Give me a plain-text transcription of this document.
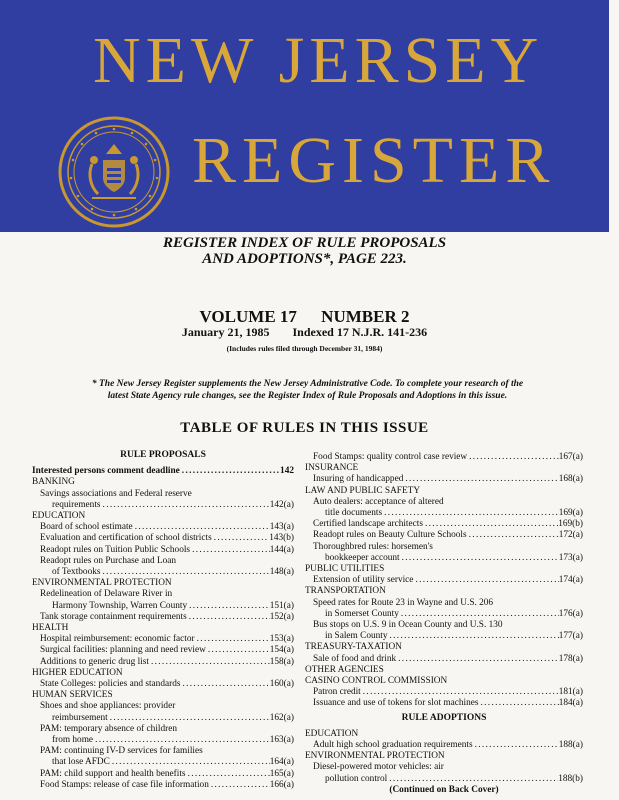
NEW JERSEY
REGISTER
REGISTER INDEX OF RULE PROPOSALS
AND ADOPTIONS*, PAGE 223.
VOLUME 17 NUMBER 2
January 21, 1985 Indexed 17 N.J.R. 141-236
(Includes rules filed through December 31, 1984)
* The New Jersey Register supplements the New Jersey Administrative Code. To complete your research of the
latest State Agency rule changes, see the Register Index of Rule Proposals and Adoptions in this issue.
TABLE OF RULES IN THIS ISSUE
RULE PROPOSALS
Interested persons comment deadline . . .	142
BANKING
Savings associations and Federal reserve
requirements . . .	142(a)
EDUCATION
Board of school estimate . . .	143(a)
Evaluation and certification of school districts . . .	143(b)
Readopt rules on Tuition Public Schools . . .	144(a)
Readopt rules on Purchase and Loan
of Textbooks . . .	148(a)
ENVIRONMENTAL PROTECTION
Redelineation of Delaware River in
Harmony Township, Warren County . . .	151(a)
Tank storage containment requirements . . .	152(a)
HEALTH
Hospital reimbursement: economic factor . . .	153(a)
Surgical facilities: planning and need review . . .	154(a)
Additions to generic drug list . . .	158(a)
HIGHER EDUCATION
State Colleges: policies and standards . . .	160(a)
HUMAN SERVICES
Shoes and shoe appliances: provider
reimbursement . . .	162(a)
PAM: temporary absence of children
from home . . .	163(a)
PAM: continuing IV-D services for families
that lose AFDC . . .	164(a)
PAM: child support and health benefits . . .	165(a)
Food Stamps: release of case file information . . .	166(a)
Food Stamps: quality control case review . . .	167(a)
INSURANCE
Insuring of handicapped . . .	168(a)
LAW AND PUBLIC SAFETY
Auto dealers: acceptance of altered
title documents . . .	169(a)
Certified landscape architects . . .	169(b)
Readopt rules on Beauty Culture Schools . . .	172(a)
Thoroughbred rules: horsemen's
bookkeeper account . . .	173(a)
PUBLIC UTILITIES
Extension of utility service . . .	174(a)
TRANSPORTATION
Speed rates for Route 23 in Wayne and U.S. 206
in Somerset County . . .	176(a)
Bus stops on U.S. 9 in Ocean County and U.S. 130
in Salem County . . .	177(a)
TREASURY-TAXATION
Sale of food and drink . . .	178(a)
OTHER AGENCIES
CASINO CONTROL COMMISSION
Patron credit . . .	181(a)
Issuance and use of tokens for slot machines . . .	184(a)
RULE ADOPTIONS
EDUCATION
Adult high school graduation requirements . . .	188(a)
ENVIRONMENTAL PROTECTION
Diesel-powered motor vehicles: air
pollution control . . .	188(b)
(Continued on Back Cover)
